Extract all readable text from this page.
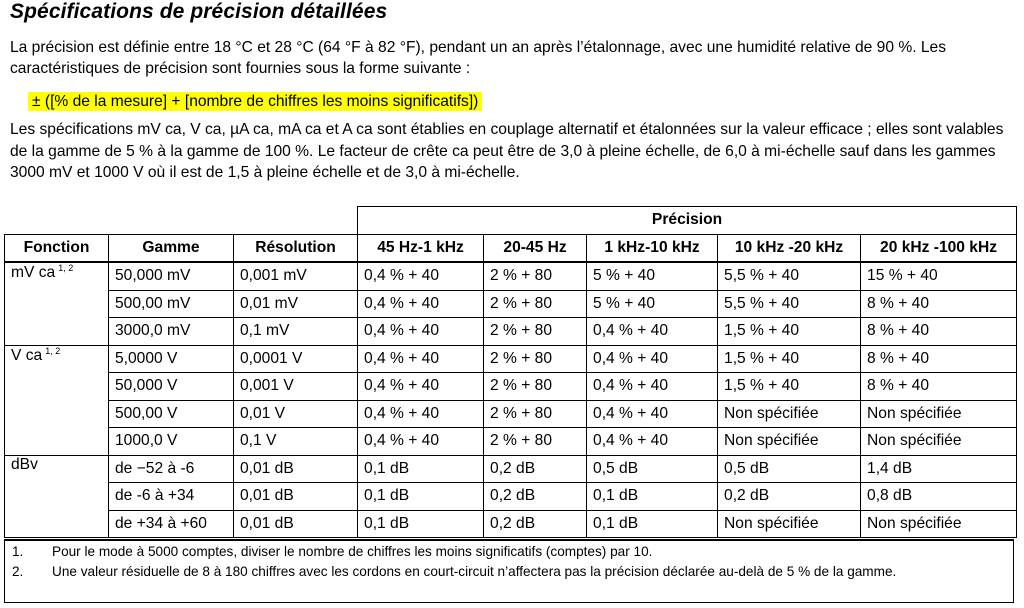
Spécifications de précision détaillées
La précision est définie entre 18 °C et 28 °C (64 °F à 82 °F), pendant un an après l’étalonnage, avec une humidité relative de 90 %. Les caractéristiques de précision sont fournies sous la forme suivante :
± ([% de la mesure] + [nombre de chiffres les moins significatifs])
Les spécifications mV ca, V ca, µA ca, mA ca et A ca sont établies en couplage alternatif et étalonnées sur la valeur efficace ; elles sont valables de la gamme de 5 % à la gamme de 100 %. Le facteur de crête ca peut être de 3,0 à pleine échelle, de 6,0 à mi-échelle sauf dans les gammes 3000 mV et 1000 V où il est de 1,5 à pleine échelle et de 3,0 à mi-échelle.
			Précision				
Fonction	Gamme	Résolution	45 Hz-1 kHz	20-45 Hz	1 kHz-10 kHz	10 kHz -20 kHz	20 kHz -100 kHz
mV ca $^{1, 2}$	50,000 mV	0,001 mV	0,4 % + 40	2 % + 80	5 % + 40	5,5 % + 40	15 % + 40
	500,00 mV	0,01 mV	0,4 % + 40	2 % + 80	5 % + 40	5,5 % + 40	8 % + 40
	3000,0 mV	0,1 mV	0,4 % + 40	2 % + 80	0,4 % + 40	1,5 % + 40	8 % + 40
V ca $^{1, 2}$	5,0000 V	0,0001 V	0,4 % + 40	2 % + 80	0,4 % + 40	1,5 % + 40	8 % + 40
	50,000 V	0,001 V	0,4 % + 40	2 % + 80	0,4 % + 40	1,5 % + 40	8 % + 40
	500,00 V	0,01 V	0,4 % + 40	2 % + 80	0,4 % + 40	Non spécifiée	Non spécifiée
	1000,0 V	0,1 V	0,4 % + 40	2 % + 80	0,4 % + 40	Non spécifiée	Non spécifiée
dBv	de −52 à -6	0,01 dB	0,1 dB	0,2 dB	0,5 dB	0,5 dB	1,4 dB
	de -6 à +34	0,01 dB	0,1 dB	0,2 dB	0,1 dB	0,2 dB	0,8 dB
	de +34 à +60	0,01 dB	0,1 dB	0,2 dB	0,1 dB	Non spécifiée	Non spécifiée
1.	Pour le mode à 5000 comptes, diviser le nombre de chiffres les moins significatifs (comptes) par 10.
2.	Une valeur résiduelle de 8 à 180 chiffres avec les cordons en court-circuit n’affectera pas la précision déclarée au-delà de 5 % de la gamme.
